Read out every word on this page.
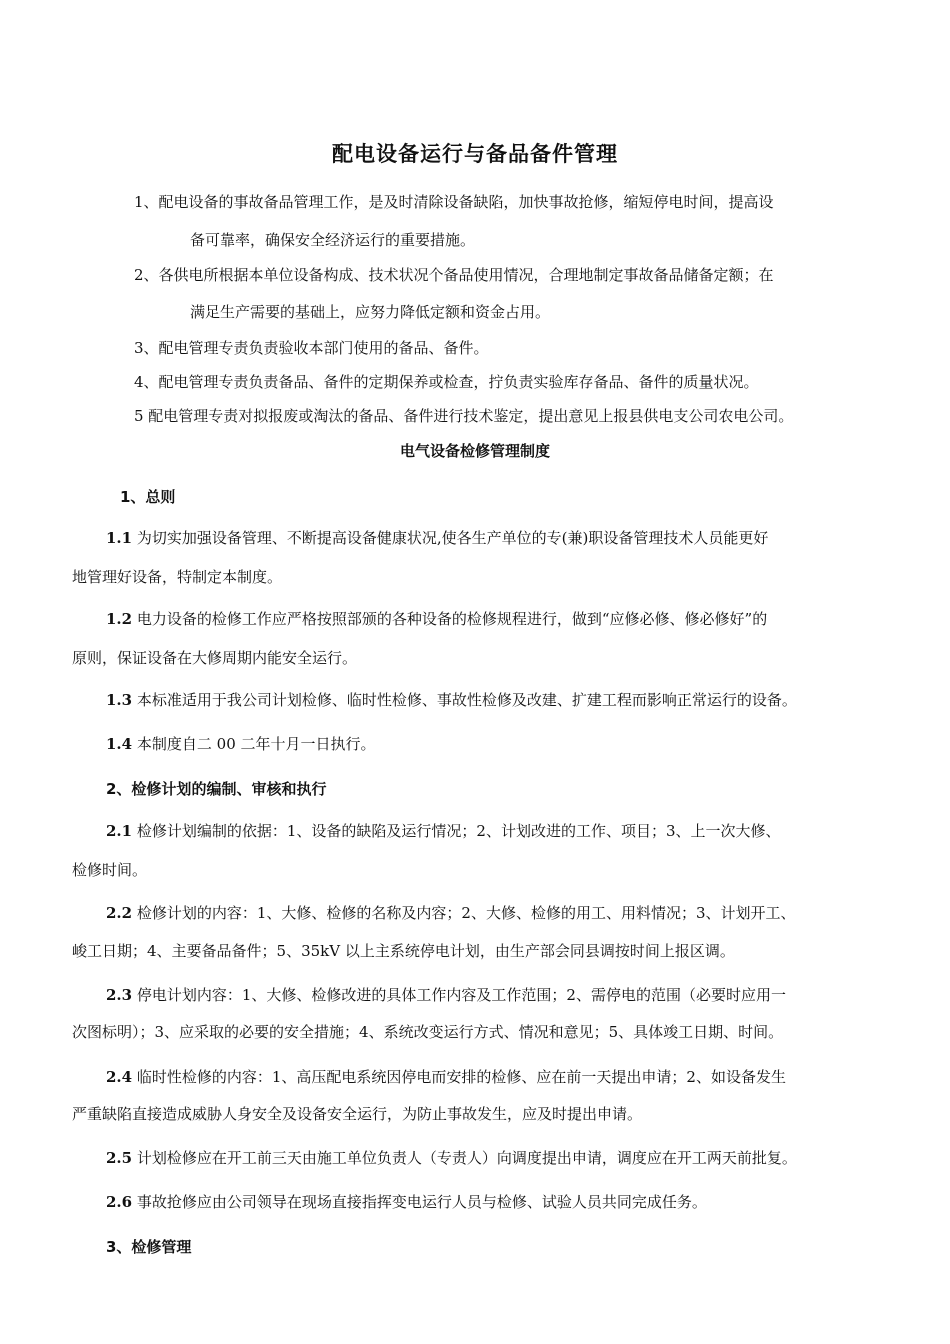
配电设备运行与备品备件管理
1、配电设备的事故备品管理工作，是及时清除设备缺陷，加快事故抢修，缩短停电时间，提高设
备可靠率，确保安全经济运行的重要措施。
2、各供电所根据本单位设备构成、技术状况个备品使用情况，合理地制定事故备品储备定额；在
满足生产需要的基础上，应努力降低定额和资金占用。
3、配电管理专责负责验收本部门使用的备品、备件。
4、配电管理专责负责备品、备件的定期保养或检查，拧负责实验库存备品、备件的质量状况。
5 配电管理专责对拟报废或淘汰的备品、备件进行技术鉴定，提出意见上报县供电支公司农电公司。
电气设备检修管理制度
1、总则
1.1 为切实加强设备管理、不断提高设备健康状况,使各生产单位的专(兼)职设备管理技术人员能更好
地管理好设备，特制定本制度。
1.2 电力设备的检修工作应严格按照部颁的各种设备的检修规程进行，做到“应修必修、修必修好”的
原则，保证设备在大修周期内能安全运行。
1.3 本标准适用于我公司计划检修、临时性检修、事故性检修及改建、扩建工程而影响正常运行的设备。
1.4 本制度自二 00 二年十月一日执行。
2、检修计划的编制、审核和执行
2.1 检修计划编制的依据：1、设备的缺陷及运行情况；2、计划改进的工作、项目；3、上一次大修、
检修时间。
2.2 检修计划的内容：1、大修、检修的名称及内容；2、大修、检修的用工、用料情况；3、计划开工、
峻工日期；4、主要备品备件；5、35kV 以上主系统停电计划，由生产部会同县调按时间上报区调。
2.3 停电计划内容：1、大修、检修改进的具体工作内容及工作范围；2、需停电的范围（必要时应用一
次图标明）；3、应采取的必要的安全措施；4、系统改变运行方式、情况和意见；5、具体竣工日期、时间。
2.4 临时性检修的内容：1、高压配电系统因停电而安排的检修、应在前一天提出申请；2、如设备发生
严重缺陷直接造成威胁人身安全及设备安全运行，为防止事故发生，应及时提出申请。
2.5 计划检修应在开工前三天由施工单位负责人（专责人）向调度提出申请，调度应在开工两天前批复。
2.6 事故抢修应由公司领导在现场直接指挥变电运行人员与检修、试验人员共同完成任务。
3、检修管理
